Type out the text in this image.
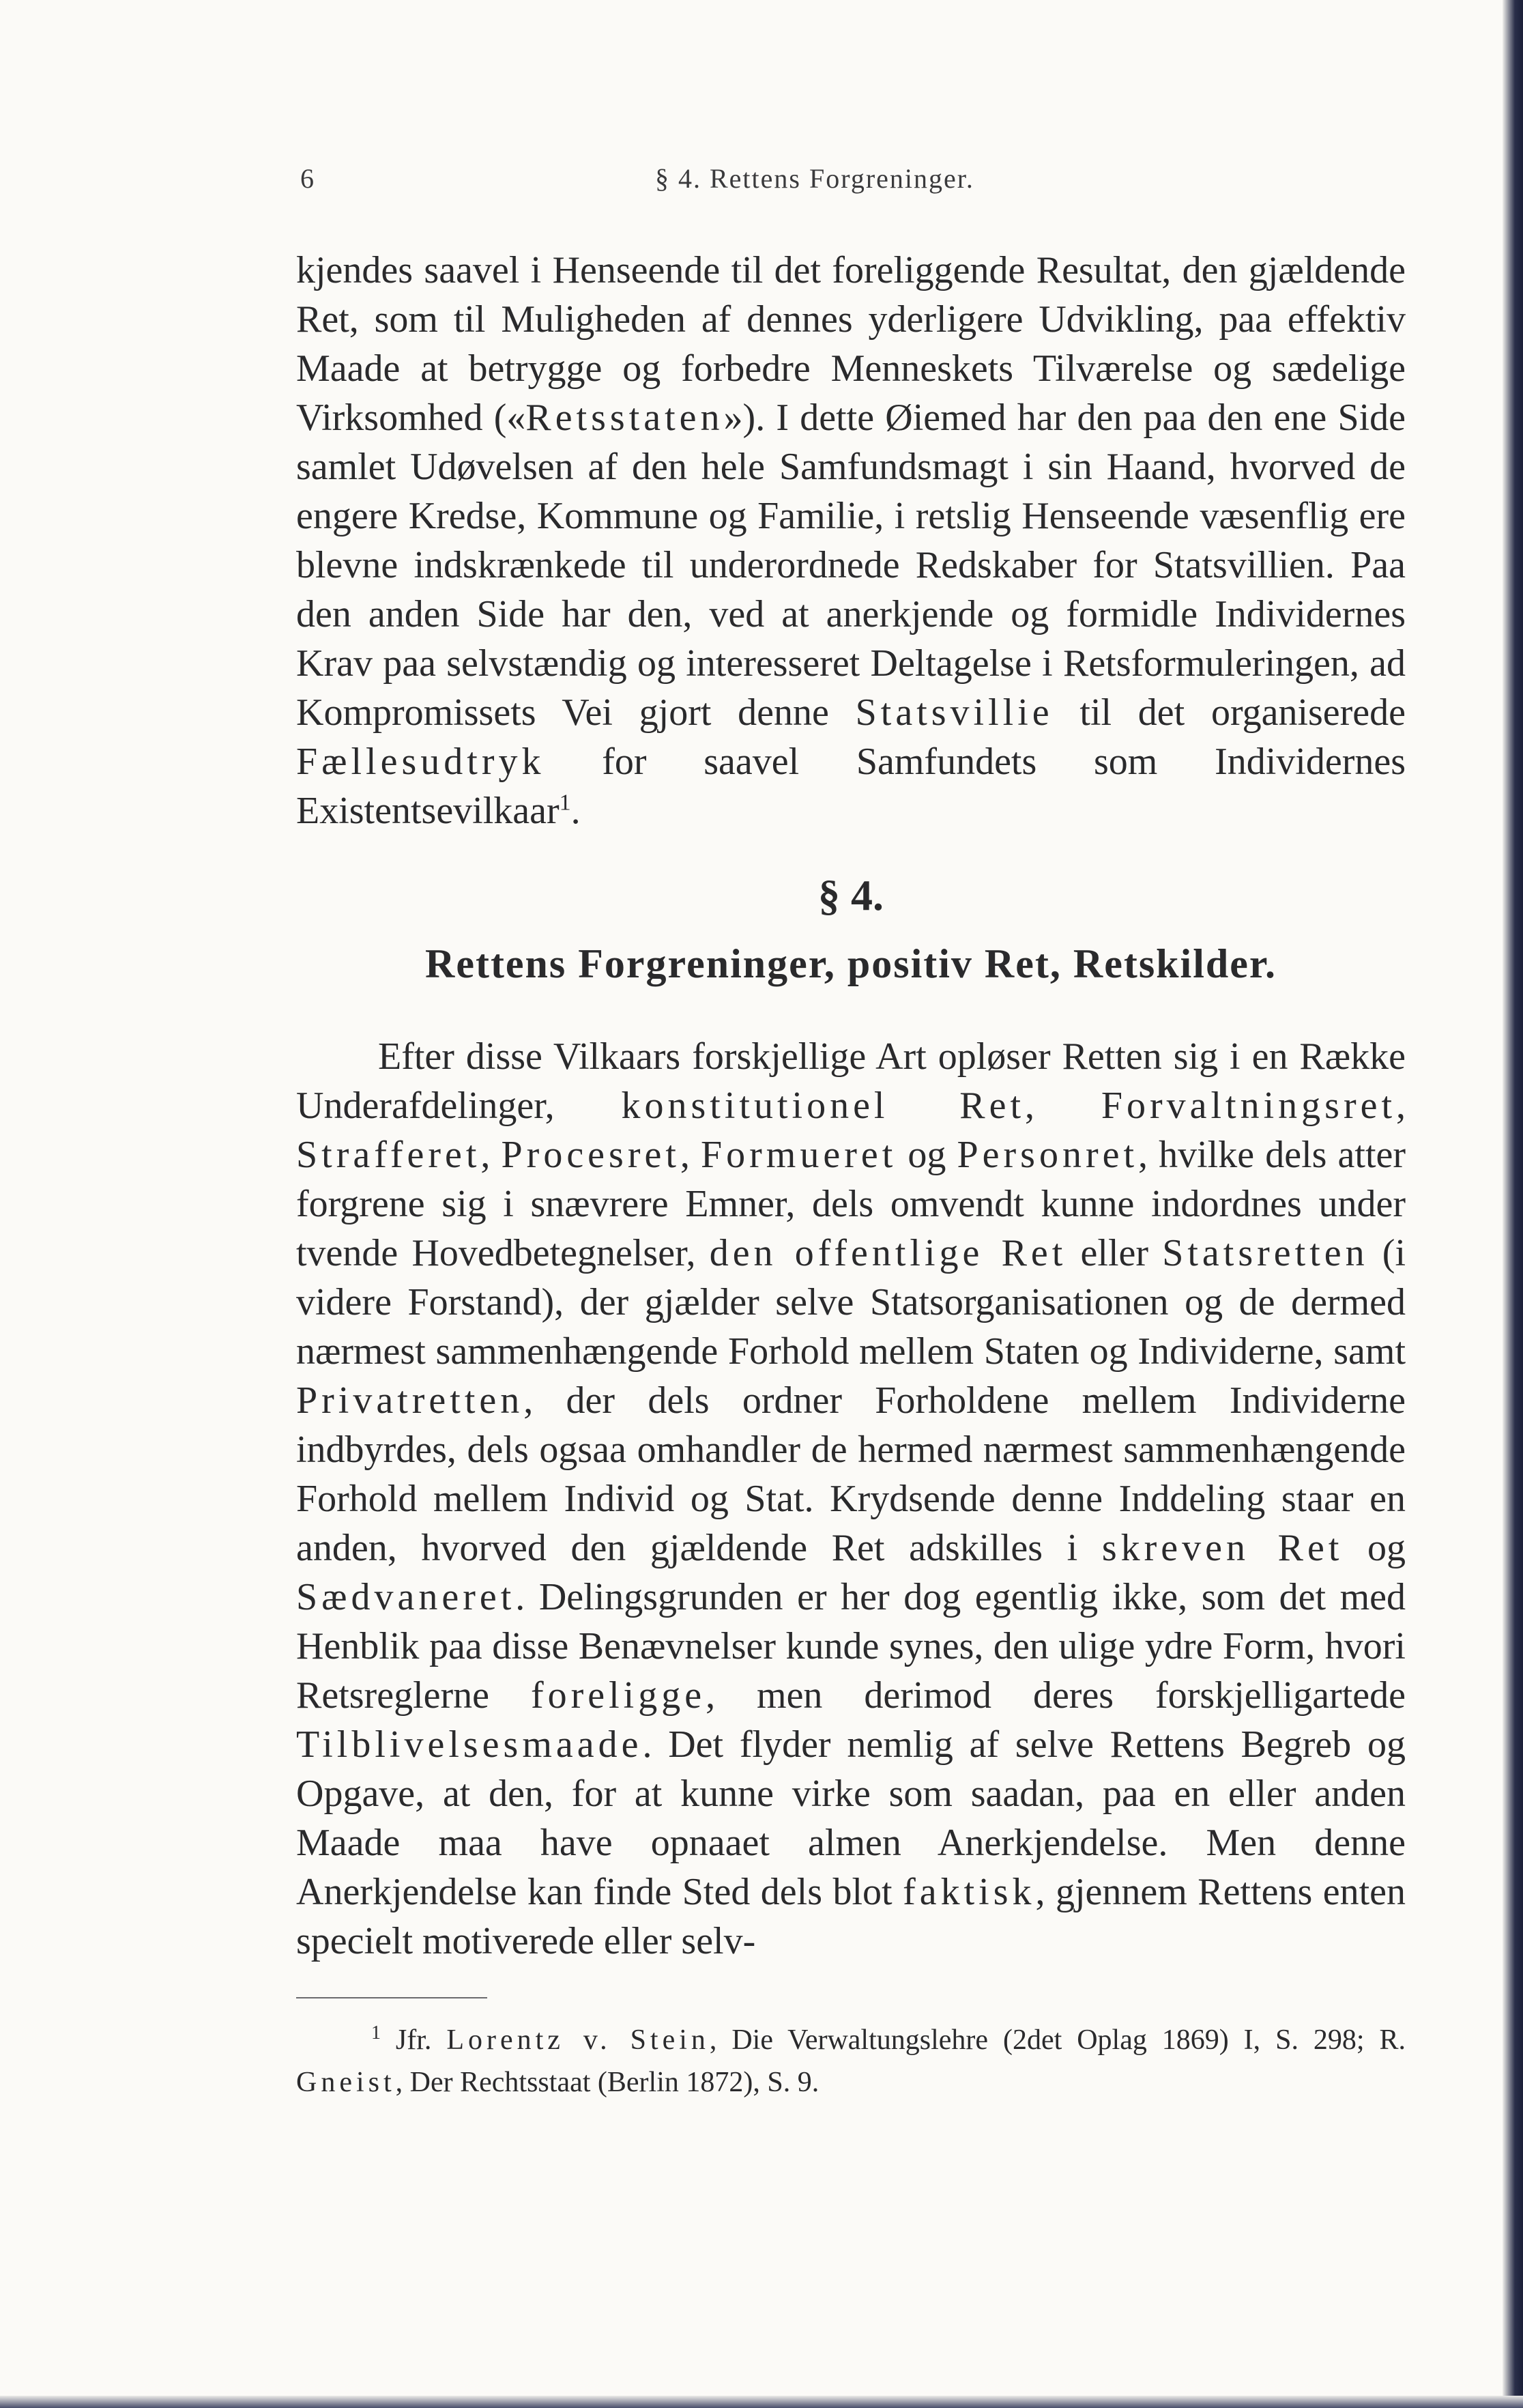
6	§ 4. Rettens Forgreninger.

kjendes saavel i Henseende til det foreliggende Resultat, den gjældende Ret, som til Muligheden af dennes yderligere Udvikling, paa effektiv Maade at betrygge og forbedre Menneskets Tilværelse og sædelige Virksomhed («Retsstaten»). I dette Øiemed har den paa den ene Side samlet Udøvelsen af den hele Samfundsmagt i sin Haand, hvorved de engere Kredse, Kommune og Familie, i retslig Henseende væsenflig ere blevne indskrænkede til underordnede Redskaber for Statsvillien. Paa den anden Side har den, ved at anerkjende og formidle Individernes Krav paa selvstændig og interesseret Deltagelse i Retsformuleringen, ad Kompromissets Vei gjort denne Statsvillie til det organiserede Fællesudtryk for saavel Samfundets som Individernes Existentsevilkaar$^1$.

§ 4.
Rettens Forgreninger, positiv Ret, Retskilder.

Efter disse Vilkaars forskjellige Art opløser Retten sig i en Række Underafdelinger, konstitutionel Ret, Forvaltningsret, Strafferet, Procesret, Formueret og Personret, hvilke dels atter forgrene sig i snævrere Emner, dels omvendt kunne indordnes under tvende Hovedbetegnelser, den offentlige Ret eller Statsretten (i videre Forstand), der gjælder selve Statsorganisationen og de dermed nærmest sammenhængende Forhold mellem Staten og Individerne, samt Privatretten, der dels ordner Forholdene mellem Individerne indbyrdes, dels ogsaa omhandler de hermed nærmest sammenhængende Forhold mellem Individ og Stat. Krydsende denne Inddeling staar en anden, hvorved den gjældende Ret adskilles i skreven Ret og Sædvaneret. Delingsgrunden er her dog egentlig ikke, som det med Henblik paa disse Benævnelser kunde synes, den ulige ydre Form, hvori Retsreglerne foreligge, men derimod deres forskjelligartede Tilblivelsesmaade. Det flyder nemlig af selve Rettens Begreb og Opgave, at den, for at kunne virke som saadan, paa en eller anden Maade maa have opnaaet almen Anerkjendelse. Men denne Anerkjendelse kan finde Sted dels blot faktisk, gjennem Rettens enten specielt motiverede eller selv-

$^1$ Jfr. Lorentz v. Stein, Die Verwaltungslehre (2det Oplag 1869) I, S. 298; R. Gneist, Der Rechtsstaat (Berlin 1872), S. 9.
